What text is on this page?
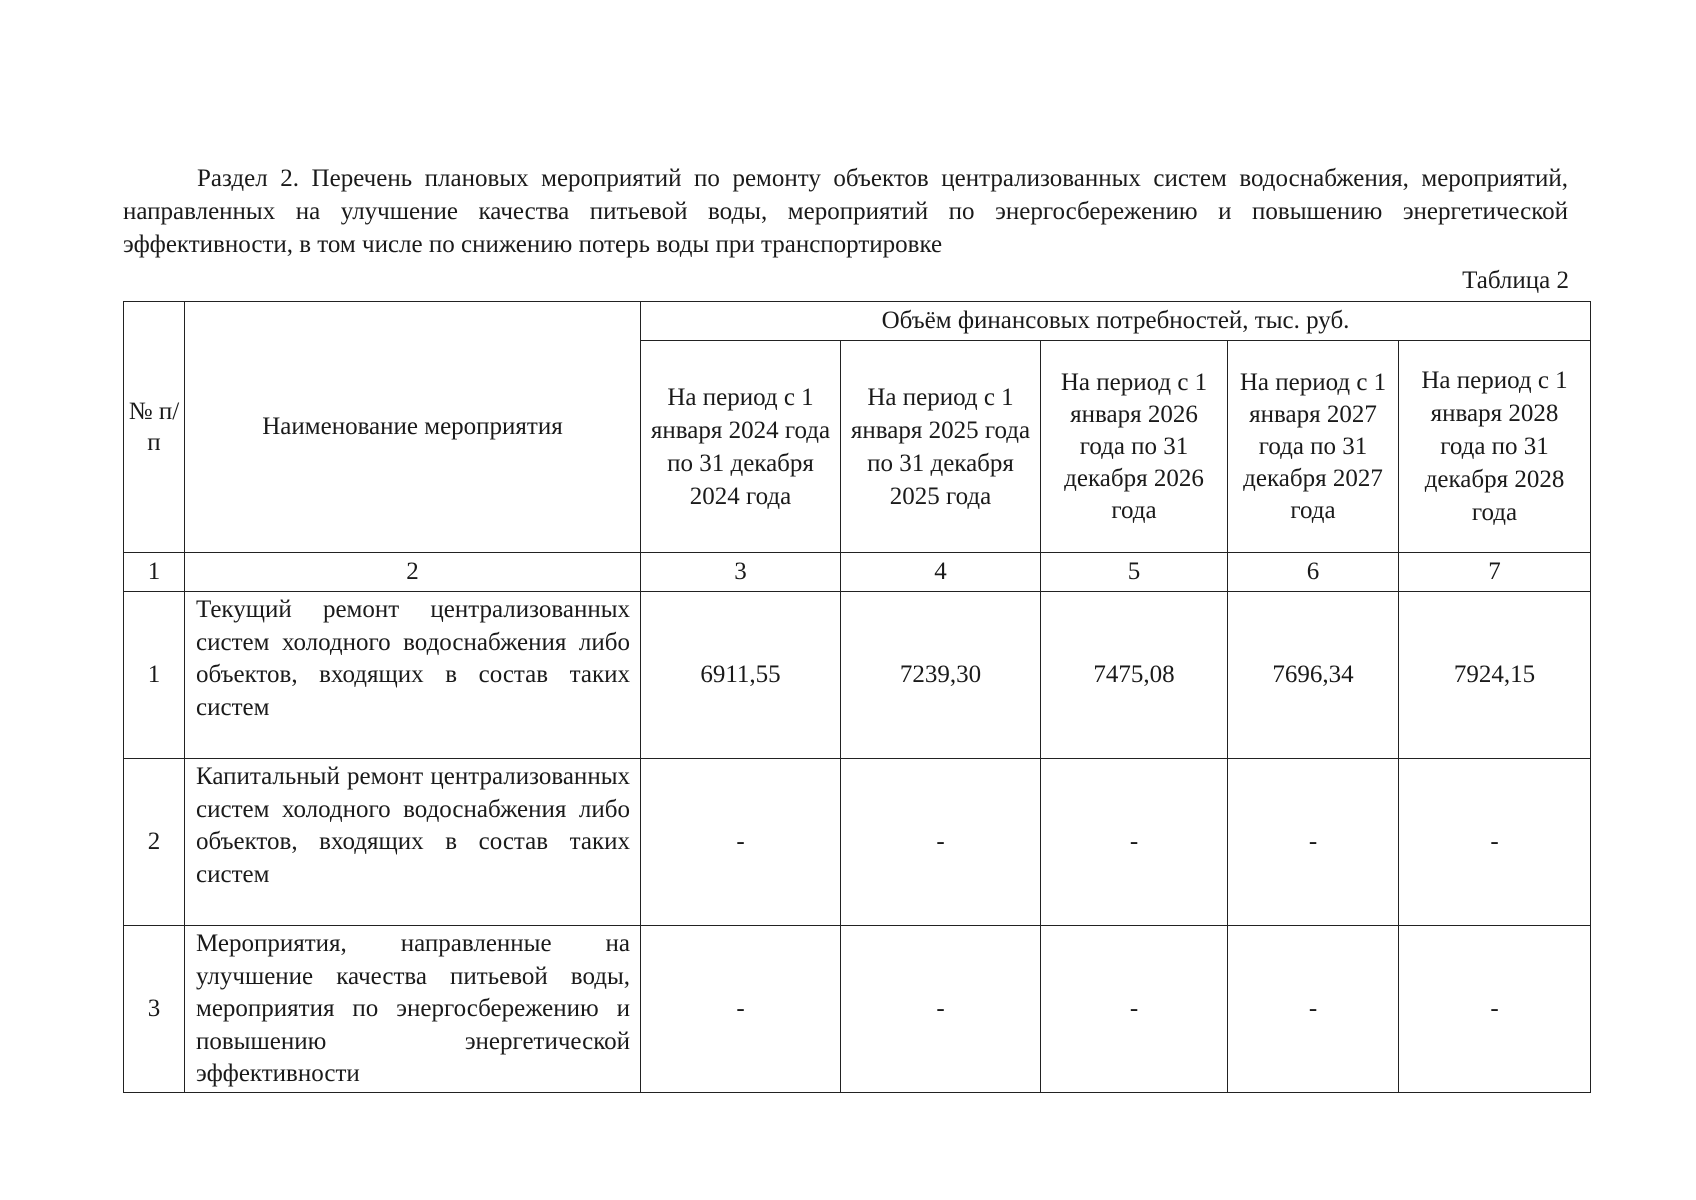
Раздел 2. Перечень плановых мероприятий по ремонту объектов централизованных систем водоснабжения, мероприятий, направленных на улучшение качества питьевой воды, мероприятий по энергосбережению и повышению энергетической эффективности, в том числе по снижению потерь воды при транспортировке

Таблица 2

№ п/п	Наименование мероприятия	Объём финансовых потребностей, тыс. руб.				

		На период с 1 января 2024 года по 31 декабря 2024 года	На период с 1 января 2025 года по 31 декабря 2025 года	На период с 1 января 2026 года по 31 декабря 2026 года	На период с 1 января 2027 года по 31 декабря 2027 года	На период с 1 января 2028 года по 31 декабря 2028 года

1	2	3	4	5	6	7
1	Текущий ремонт централизованных систем холодного водоснабжения либо объектов, входящих в состав таких систем	6911,55	7239,30	7475,08	7696,34	7924,15
2	Капитальный ремонт централизованных систем холодного водоснабжения либо объектов, входящих в состав таких систем	-	-	-	-	-
3	Мероприятия, направленные на улучшение качества питьевой воды, мероприятия по энергосбережению и повышению энергетической эффективности	-	-	-	-	-
